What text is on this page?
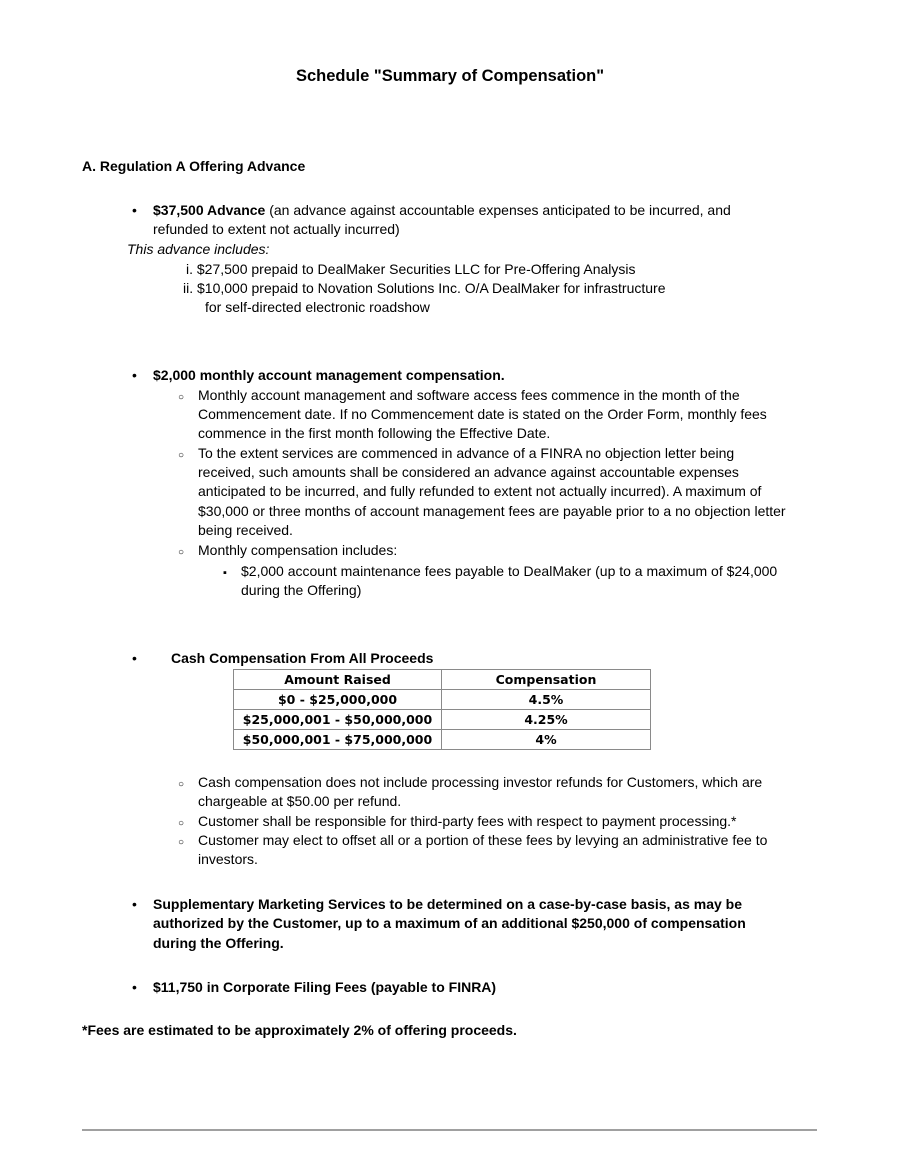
Schedule "Summary of Compensation"
A. Regulation A Offering Advance
•
$37,500 Advance (an advance against accountable expenses anticipated to be incurred, and
refunded to extent not actually incurred)
This advance includes:
i. $27,500 prepaid to DealMaker Securities LLC for Pre-Offering Analysis
ii. $10,000 prepaid to Novation Solutions Inc. O/A DealMaker for infrastructure
for self-directed electronic roadshow
•
$2,000 monthly account management compensation.
○
Monthly account management and software access fees commence in the month of the
Commencement date. If no Commencement date is stated on the Order Form, monthly fees
commence in the first month following the Effective Date.
○
To the extent services are commenced in advance of a FINRA no objection letter being
received, such amounts shall be considered an advance against accountable expenses
anticipated to be incurred, and fully refunded to extent not actually incurred). A maximum of
$30,000 or three months of account management fees are payable prior to a no objection letter
being received.
○
Monthly compensation includes:
▪
$2,000 account maintenance fees payable to DealMaker (up to a maximum of $24,000
during the Offering)
•
Cash Compensation From All Proceeds
Amount Raised	Compensation
$0 - $25,000,000	4.5%
$25,000,001 - $50,000,000	4.25%
$50,000,001 - $75,000,000	4%
○
Cash compensation does not include processing investor refunds for Customers, which are
chargeable at $50.00 per refund.
○
Customer shall be responsible for third-party fees with respect to payment processing.*
○
Customer may elect to offset all or a portion of these fees by levying an administrative fee to
investors.
•
Supplementary Marketing Services to be determined on a case-by-case basis, as may be
authorized by the Customer, up to a maximum of an additional $250,000 of compensation
during the Offering.
•
$11,750 in Corporate Filing Fees (payable to FINRA)
*Fees are estimated to be approximately 2% of offering proceeds.
